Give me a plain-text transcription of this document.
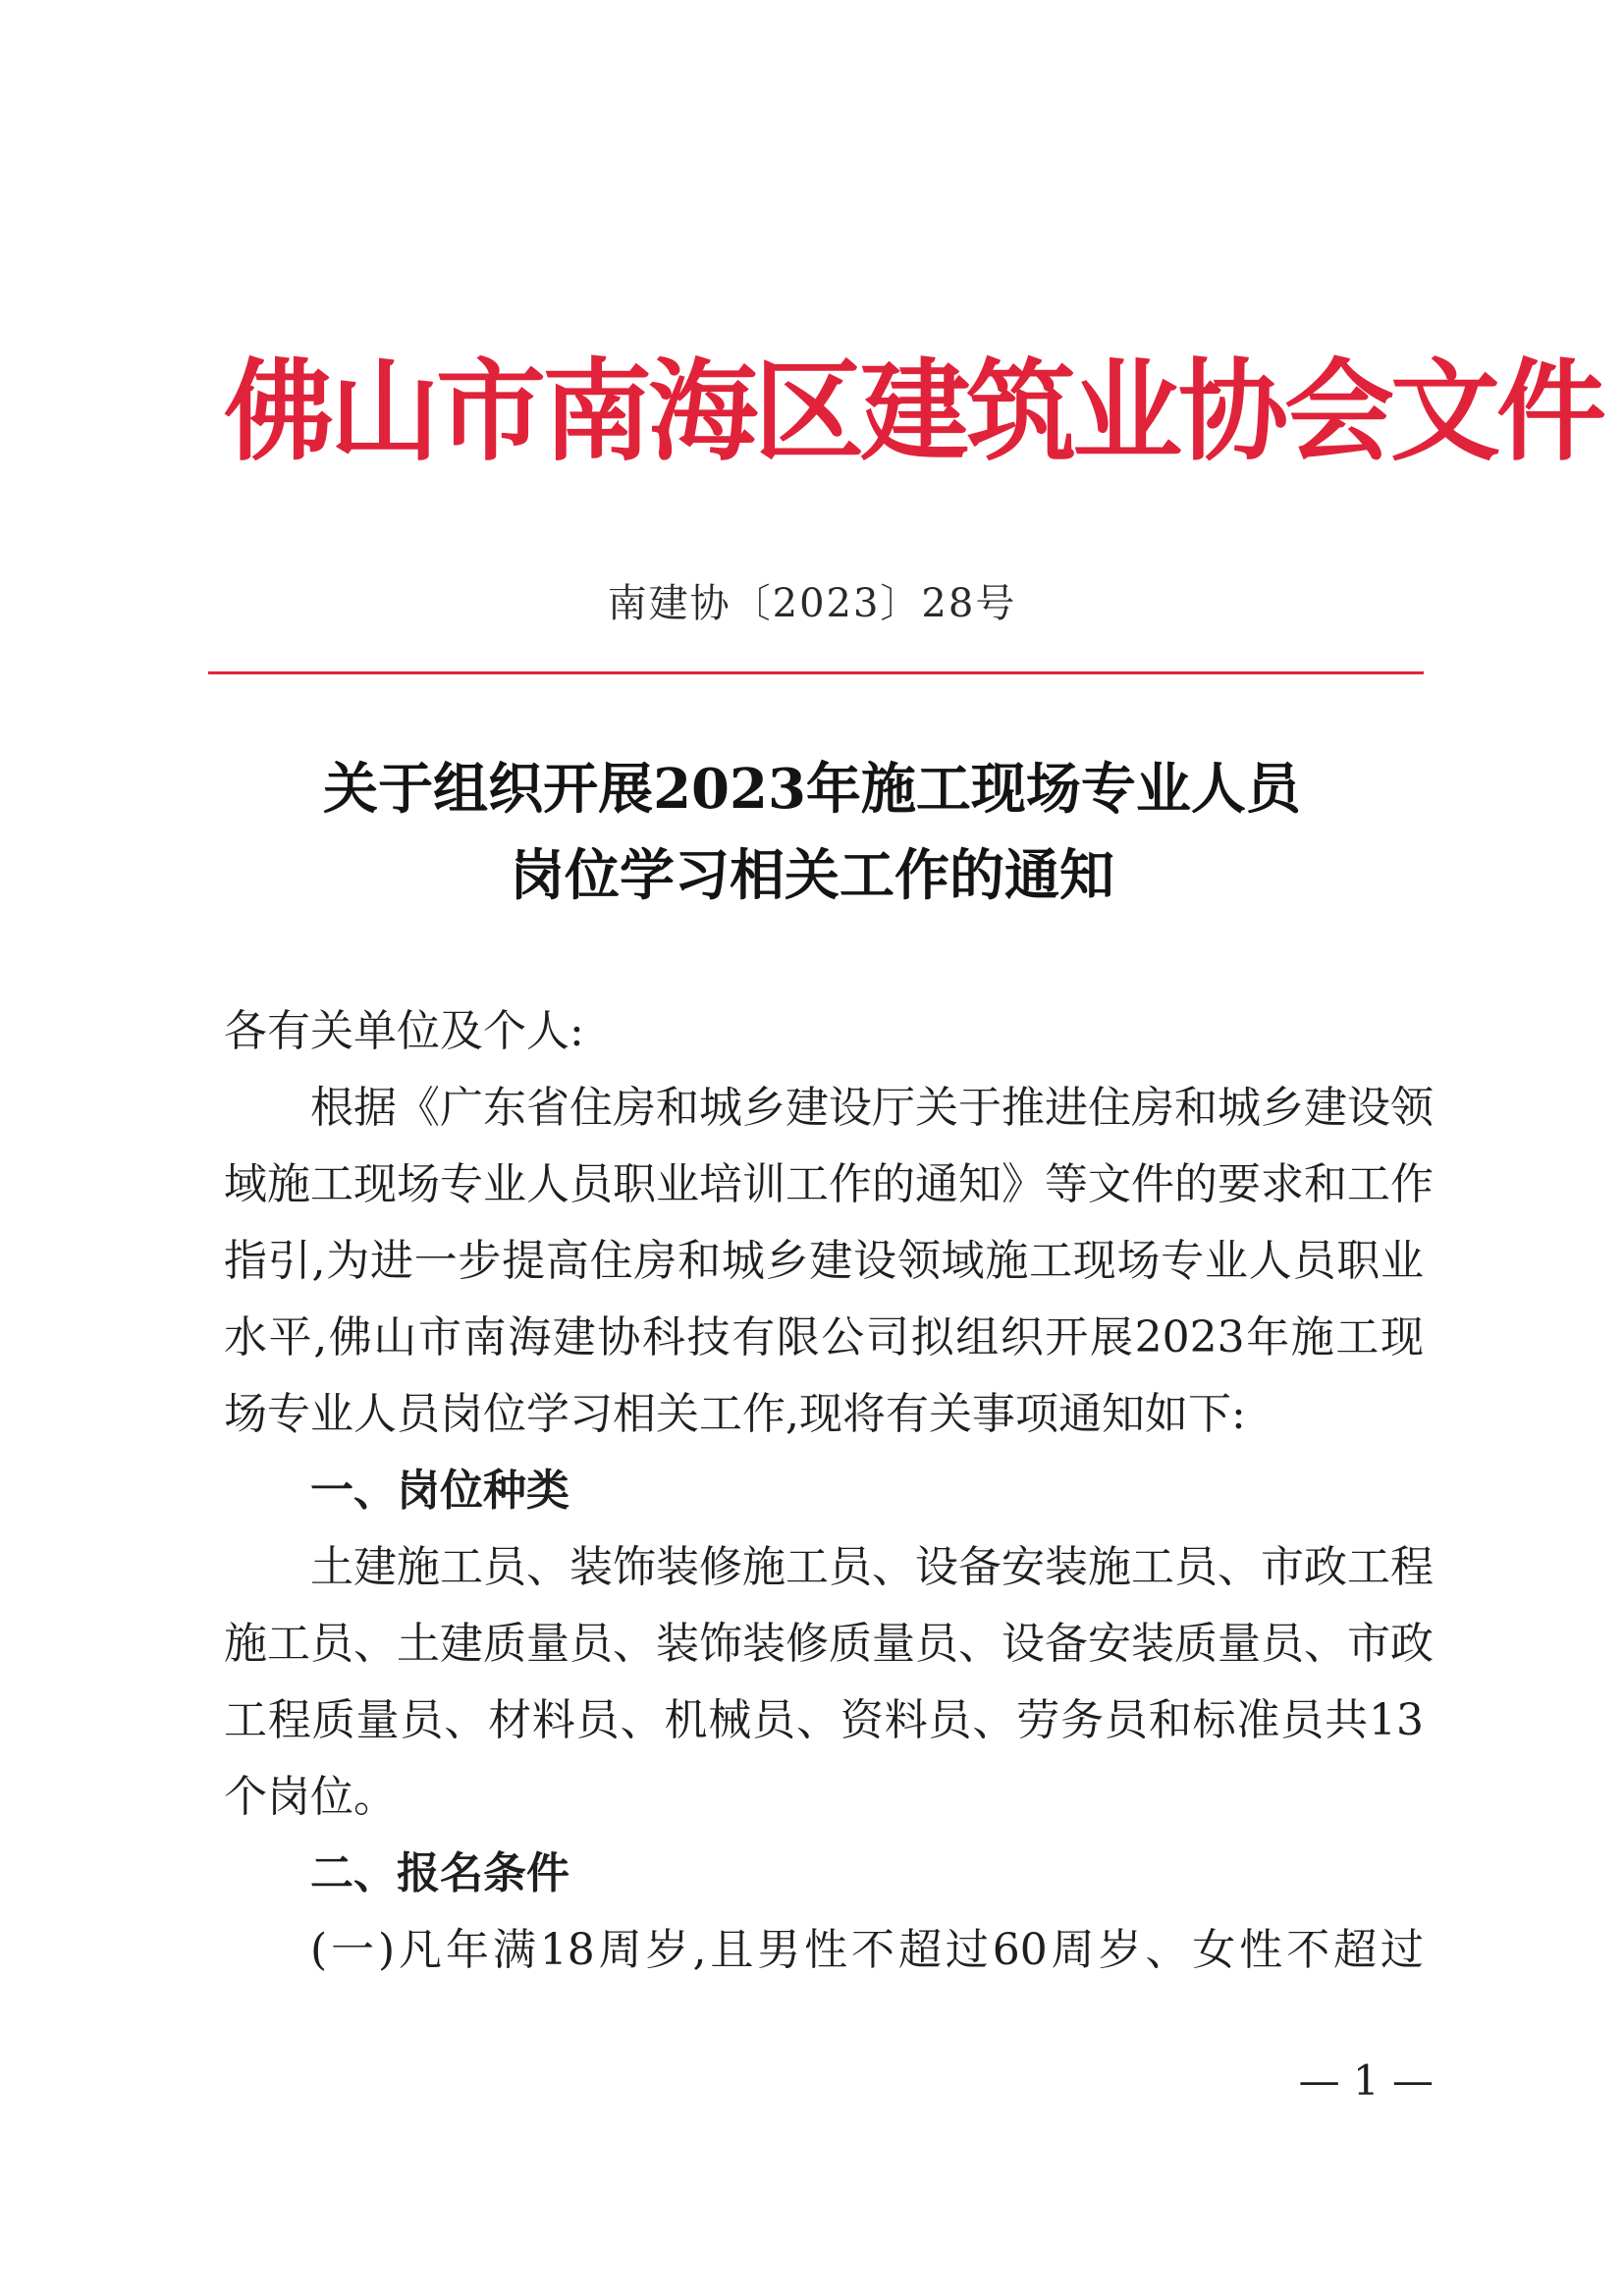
佛山市南海区建筑业协会文件
南建协〔2023〕28号
关于组织开展2023年施工现场专业人员
岗位学习相关工作的通知
各有关单位及个人:
根据《广东省住房和城乡建设厅关于推进住房和城乡建设领
域施工现场专业人员职业培训工作的通知》等文件的要求和工作
指引,为进一步提高住房和城乡建设领域施工现场专业人员职业
水平,佛山市南海建协科技有限公司拟组织开展2023年施工现
场专业人员岗位学习相关工作,现将有关事项通知如下:
一、岗位种类
土建施工员、装饰装修施工员、设备安装施工员、市政工程
施工员、土建质量员、装饰装修质量员、设备安装质量员、市政
工程质量员、材料员、机械员、资料员、劳务员和标准员共13
个岗位。
二、报名条件
(一)凡年满18周岁,且男性不超过60周岁、女性不超过
— 1 —
